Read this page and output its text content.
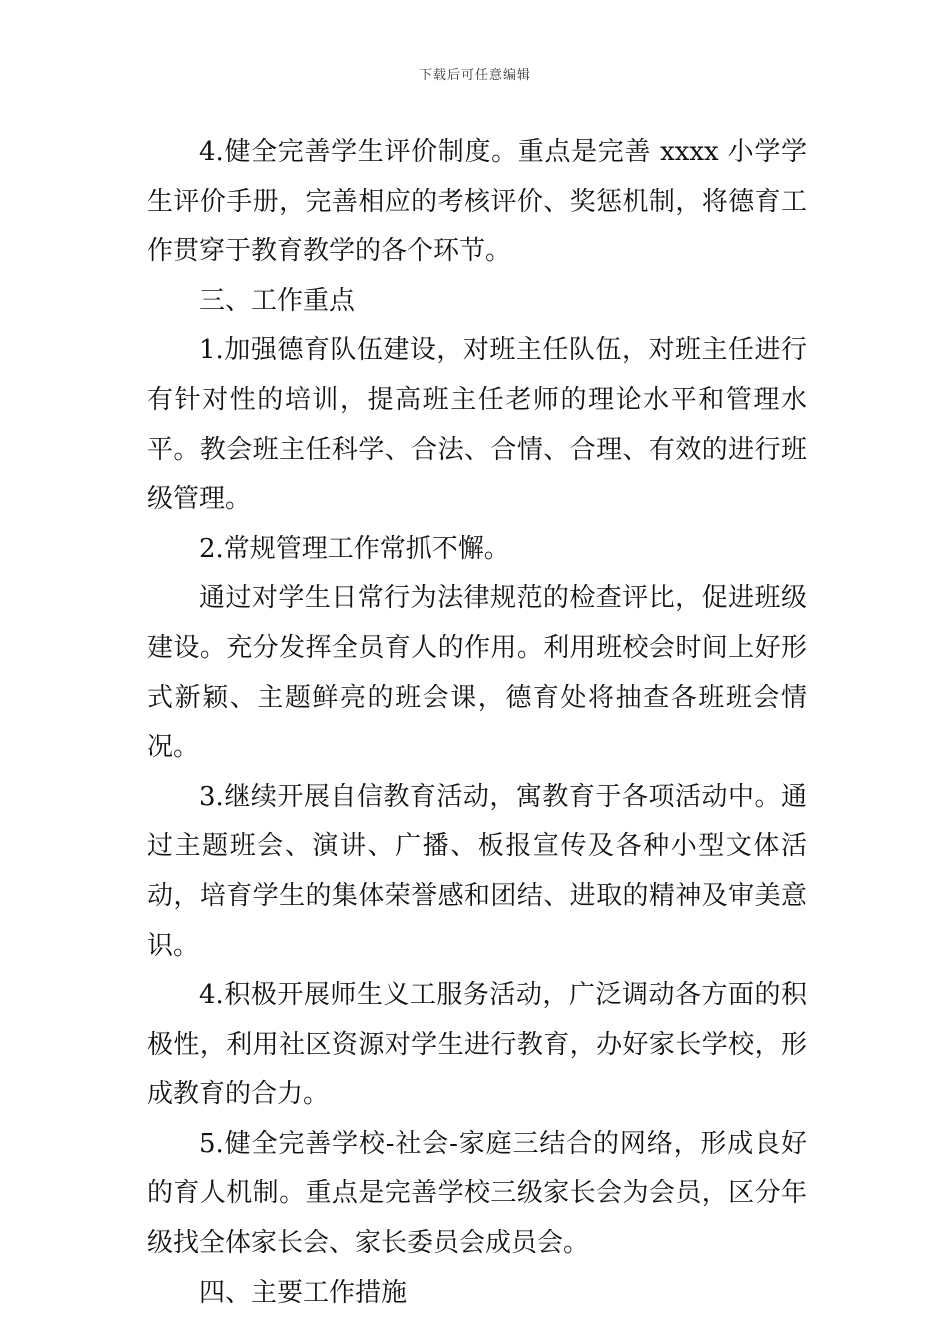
下载后可任意编辑

4.健全完善学生评价制度。重点是完善 xxxx 小学学生评价手册，完善相应的考核评价、奖惩机制，将德育工作贯穿于教育教学的各个环节。

三、工作重点

1.加强德育队伍建设，对班主任队伍，对班主任进行有针对性的培训，提高班主任老师的理论水平和管理水平。教会班主任科学、合法、合情、合理、有效的进行班级管理。

2.常规管理工作常抓不懈。

通过对学生日常行为法律规范的检查评比，促进班级建设。充分发挥全员育人的作用。利用班校会时间上好形式新颖、主题鲜亮的班会课，德育处将抽查各班班会情况。

3.继续开展自信教育活动，寓教育于各项活动中。通过主题班会、演讲、广播、板报宣传及各种小型文体活动，培育学生的集体荣誉感和团结、进取的精神及审美意识。

4.积极开展师生义工服务活动，广泛调动各方面的积极性，利用社区资源对学生进行教育，办好家长学校，形成教育的合力。

5.健全完善学校-社会-家庭三结合的网络，形成良好的育人机制。重点是完善学校三级家长会为会员，区分年级找全体家长会、家长委员会成员会。

四、主要工作措施
